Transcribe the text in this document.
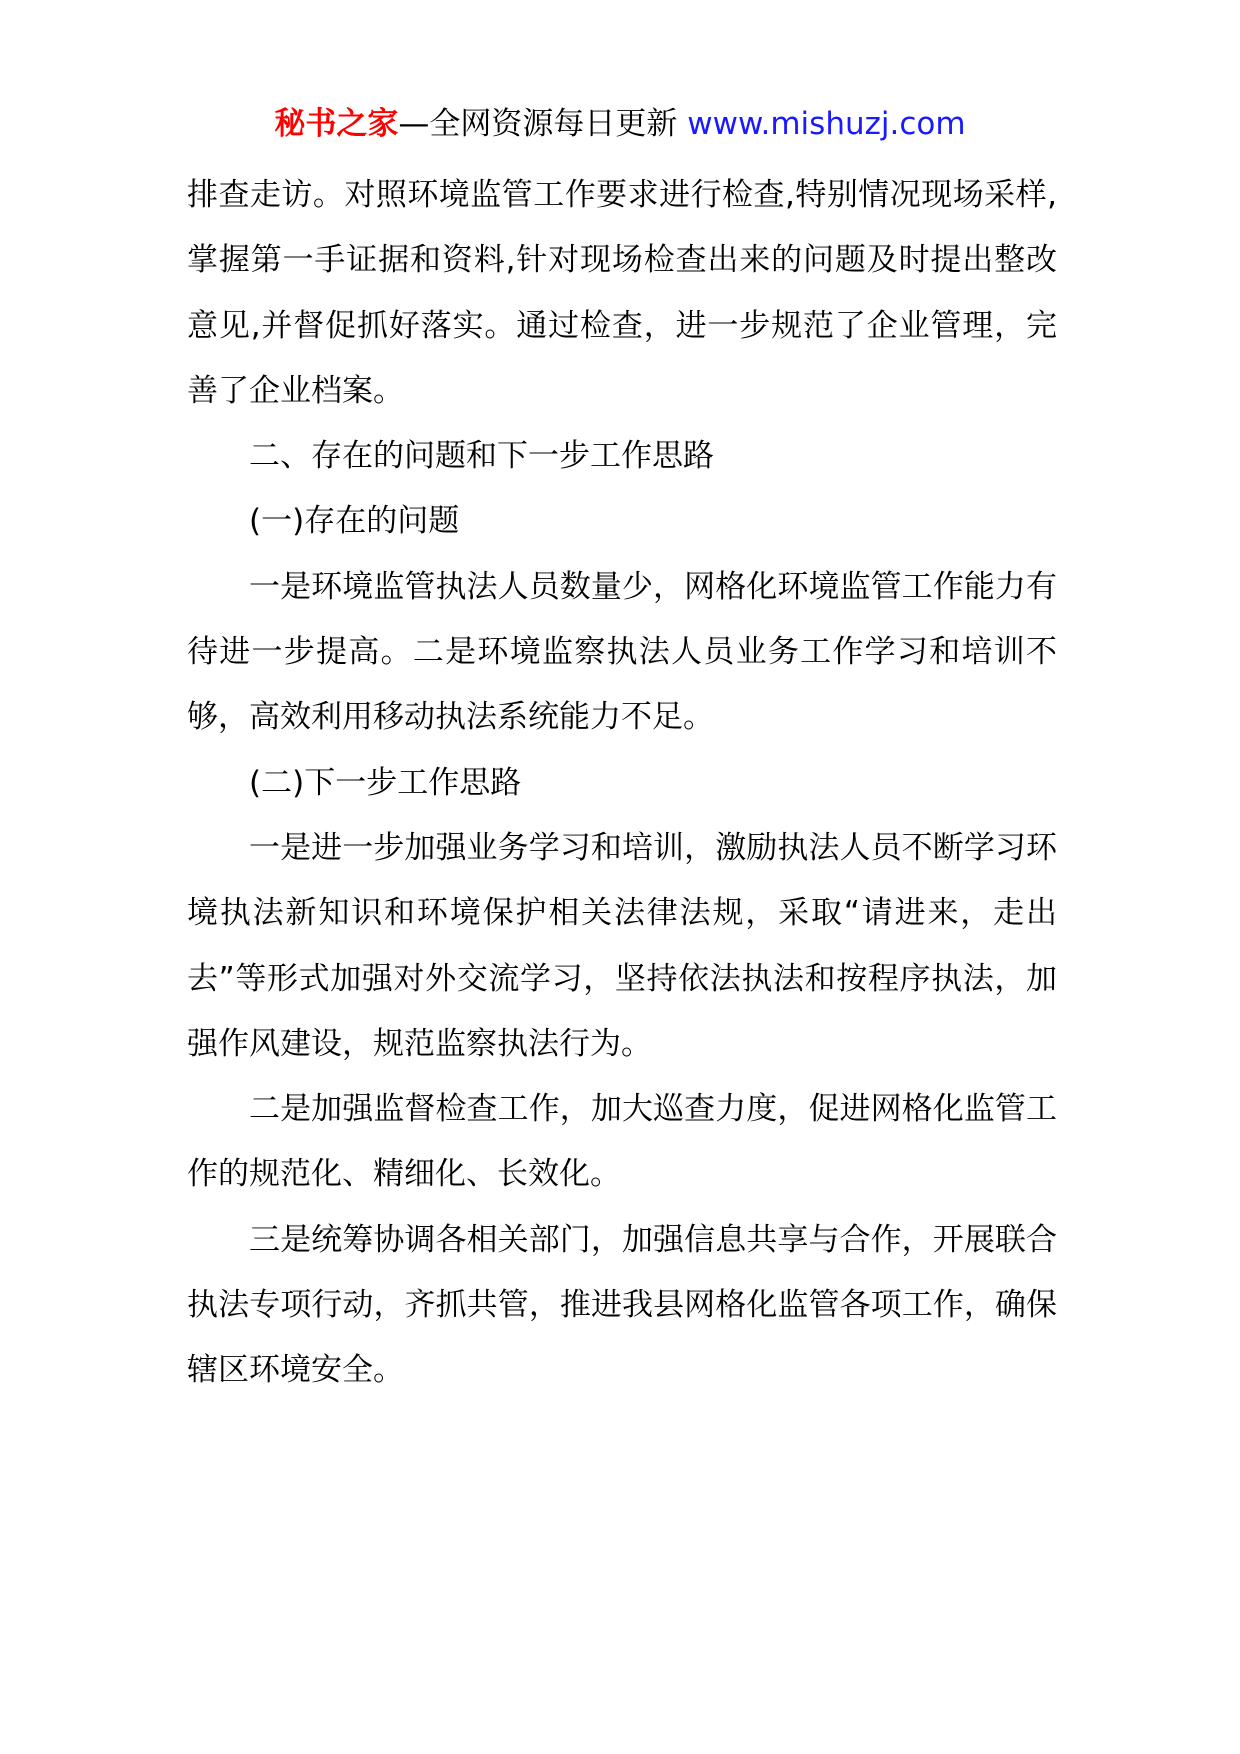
秘书之家—全网资源每日更新 www.mishuzj.com

排查走访。对照环境监管工作要求进行检查,特别情况现场采样,掌握第一手证据和资料,针对现场检查出来的问题及时提出整改意见,并督促抓好落实。通过检查，进一步规范了企业管理，完善了企业档案。

二、存在的问题和下一步工作思路

(一)存在的问题

一是环境监管执法人员数量少，网格化环境监管工作能力有待进一步提高。二是环境监察执法人员业务工作学习和培训不够，高效利用移动执法系统能力不足。

(二)下一步工作思路

一是进一步加强业务学习和培训，激励执法人员不断学习环境执法新知识和环境保护相关法律法规，采取“请进来，走出去”等形式加强对外交流学习，坚持依法执法和按程序执法，加强作风建设，规范监察执法行为。

二是加强监督检查工作，加大巡查力度，促进网格化监管工作的规范化、精细化、长效化。

三是统筹协调各相关部门，加强信息共享与合作，开展联合执法专项行动，齐抓共管，推进我县网格化监管各项工作，确保辖区环境安全。
